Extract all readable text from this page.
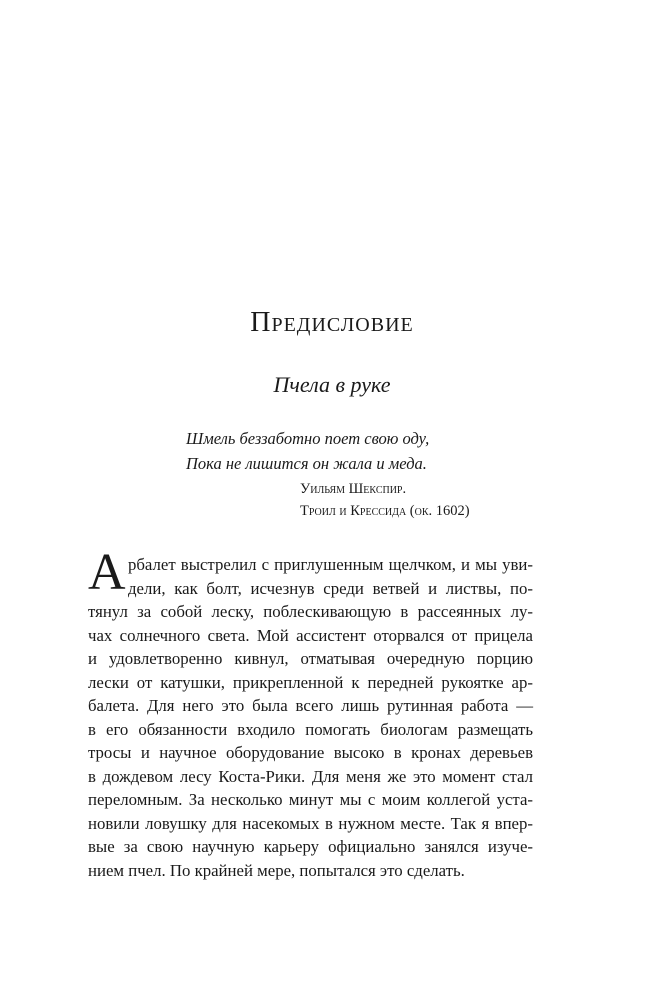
Предисловие
Пчела в руке

Шмель беззаботно поет свою оду,

Пока не лишится он жала и меда.

Уильям Шекспир.
Троил и Крессида (ок. 1602)
А рбалет выстрелил с приглушенным щелчком, и мы уви-
дели, как болт, исчезнув среди ветвей и листвы, по-
тянул за собой леску, поблескивающую в рассеянных лу-
чах солнечного света. Мой ассистент оторвался от прицела
и удовлетворенно кивнул, отматывая очередную порцию
лески от катушки, прикрепленной к передней рукоятке ар-
балета. Для него это была всего лишь рутинная работа —
в его обязанности входило помогать биологам размещать
тросы и научное оборудование высоко в кронах деревьев
в дождевом лесу Коста-Рики. Для меня же это момент стал
переломным. За несколько минут мы с моим коллегой уста-
новили ловушку для насекомых в нужном месте. Так я впер-
вые за свою научную карьеру официально занялся изуче-
нием пчел. По крайней мере, попытался это сделать.
